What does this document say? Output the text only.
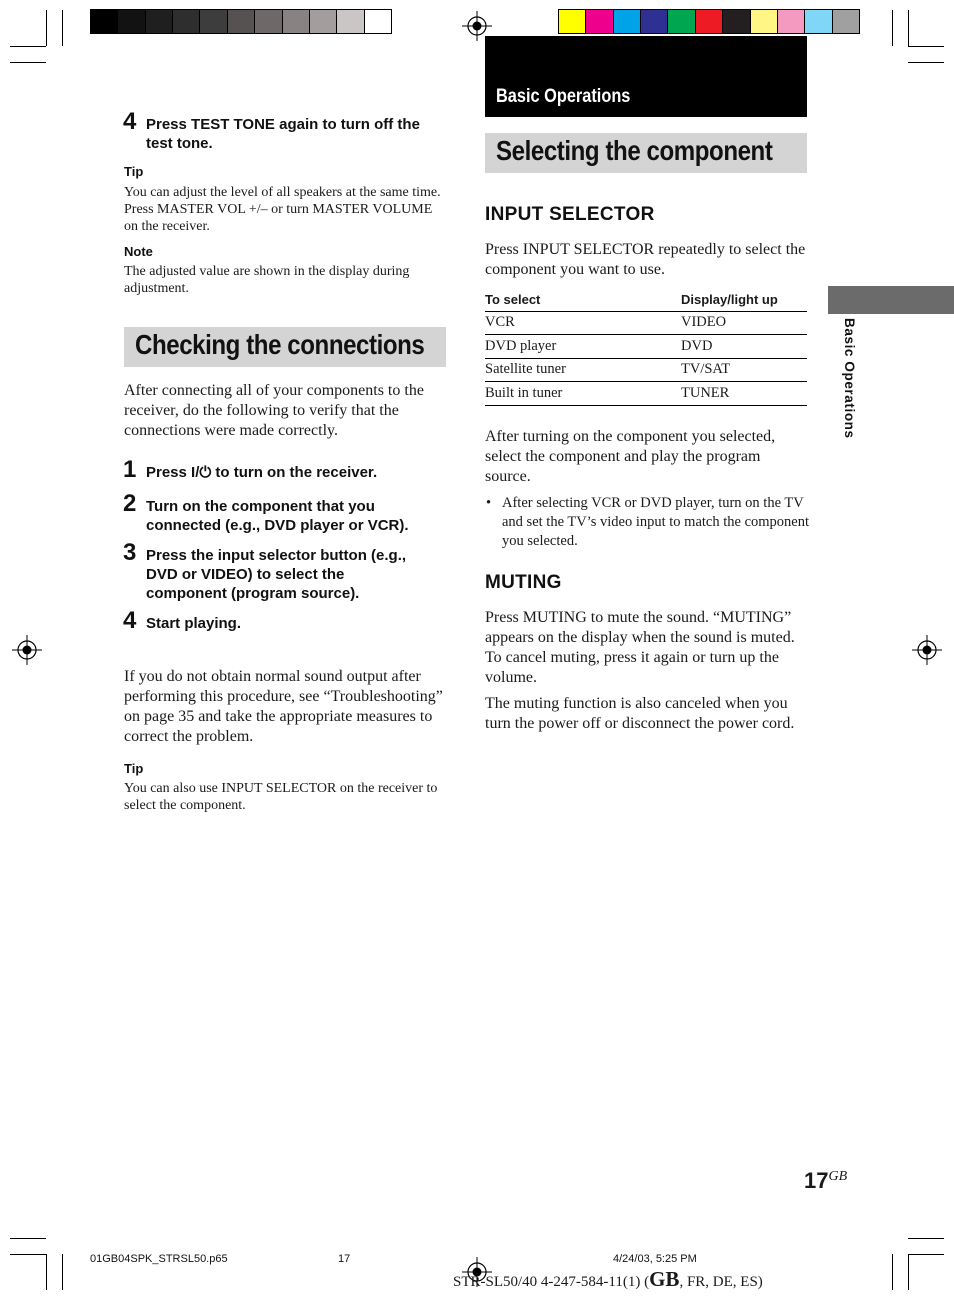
Basic Operations
Basic Operations
4 Press TEST TONE again to turn off the test tone.
Tip
You can adjust the level of all speakers at the same time. Press MASTER VOL +/– or turn MASTER VOLUME on the receiver.
Note
The adjusted value are shown in the display during adjustment.
Checking the connections
After connecting all of your components to the receiver, do the following to verify that the connections were made correctly.
1 Press I/⏻ to turn on the receiver.
2 Turn on the component that you connected (e.g., DVD player or VCR).
3 Press the input selector button (e.g., DVD or VIDEO) to select the component (program source).
4 Start playing.
If you do not obtain normal sound output after performing this procedure, see “Troubleshooting” on page 35 and take the appropriate measures to correct the problem.
Tip
You can also use INPUT SELECTOR on the receiver to select the component.
Selecting the component
INPUT SELECTOR
Press INPUT SELECTOR repeatedly to select the component you want to use.
To select	Display/light up
VCR	VIDEO
DVD player	DVD
Satellite tuner	TV/SAT
Built in tuner	TUNER
After turning on the component you selected, select the component and play the program source.
• After selecting VCR or DVD player, turn on the TV and set the TV’s video input to match the component you selected.
MUTING
Press MUTING to mute the sound. “MUTING” appears on the display when the sound is muted. To cancel muting, press it again or turn up the volume.
The muting function is also canceled when you turn the power off or disconnect the power cord.
17GB
01GB04SPK_STRSL50.p65	17	4/24/03, 5:25 PM
STR-SL50/40 4-247-584-11(1) (GB, FR, DE, ES)
